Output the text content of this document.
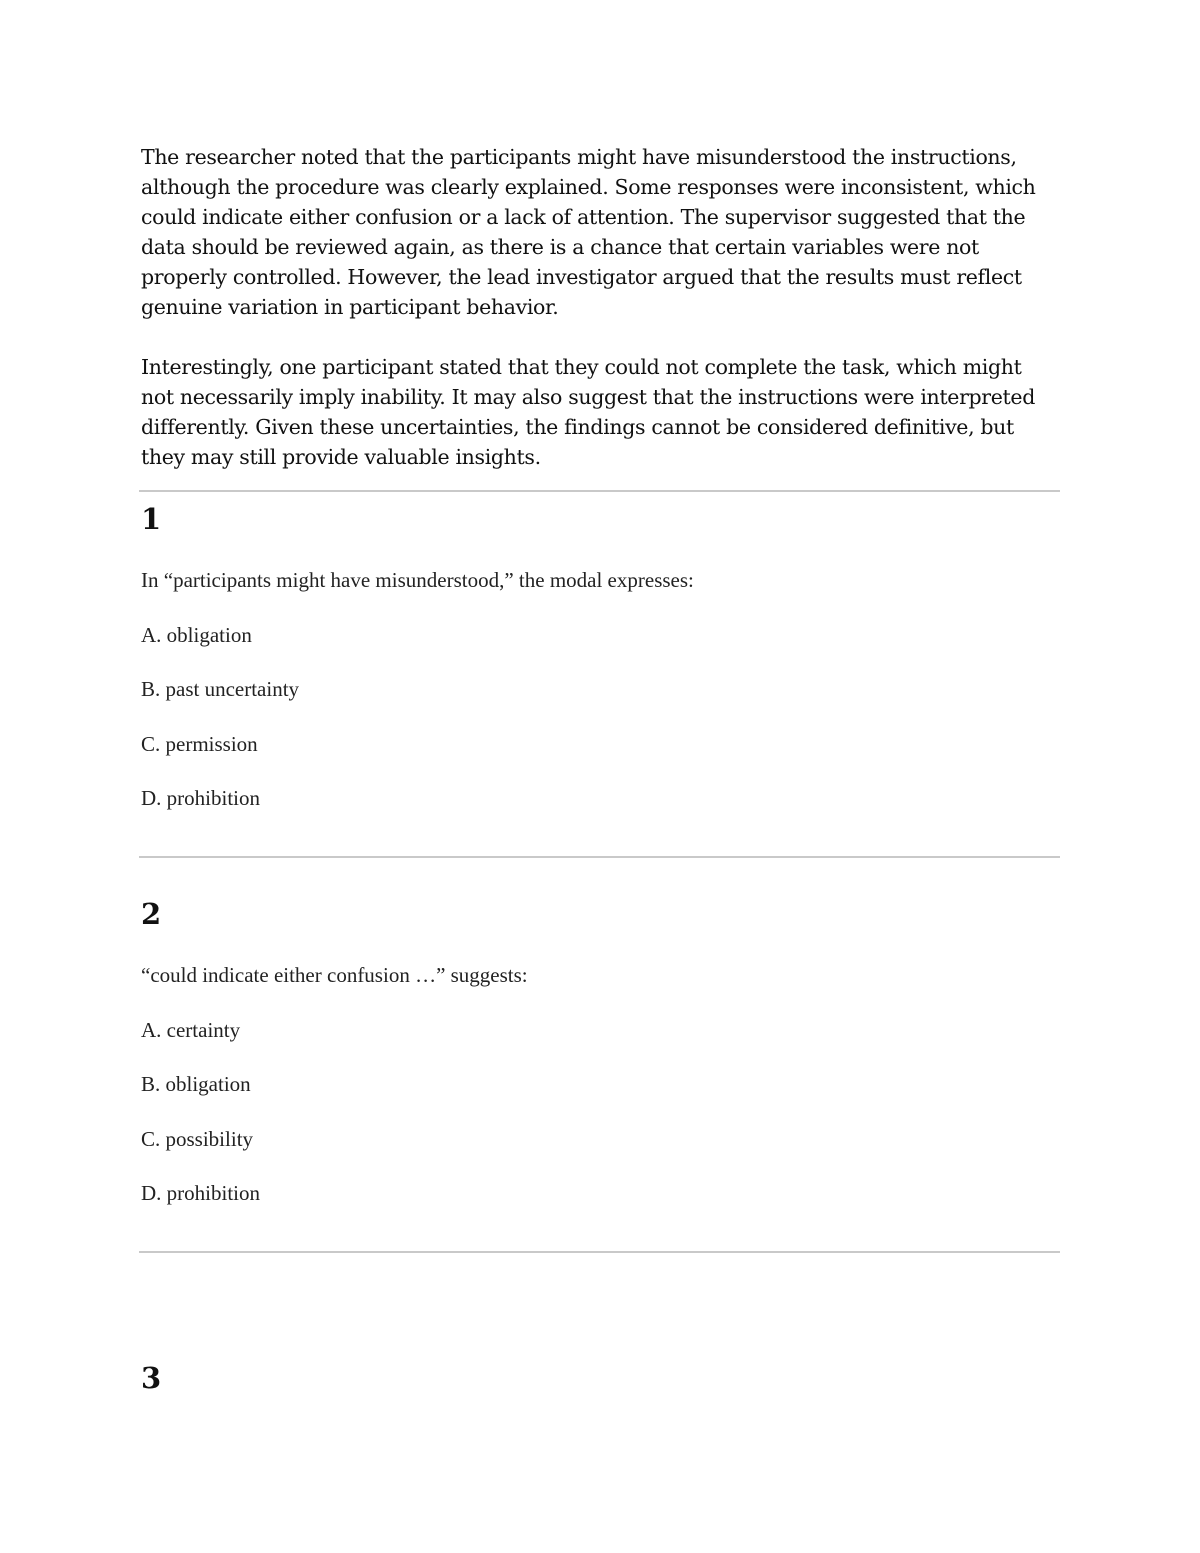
The researcher noted that the participants might have misunderstood the instructions, although the procedure was clearly explained. Some responses were inconsistent, which could indicate either confusion or a lack of attention. The supervisor suggested that the data should be reviewed again, as there is a chance that certain variables were not properly controlled. However, the lead investigator argued that the results must reflect genuine variation in participant behavior.

Interestingly, one participant stated that they could not complete the task, which might not necessarily imply inability. It may also suggest that the instructions were interpreted differently. Given these uncertainties, the findings cannot be considered definitive, but they may still provide valuable insights.

1
In “participants might have misunderstood,” the modal expresses:
A. obligation
B. past uncertainty
C. permission
D. prohibition
2
“could indicate either confusion …” suggests:
A. certainty
B. obligation
C. possibility
D. prohibition
3
